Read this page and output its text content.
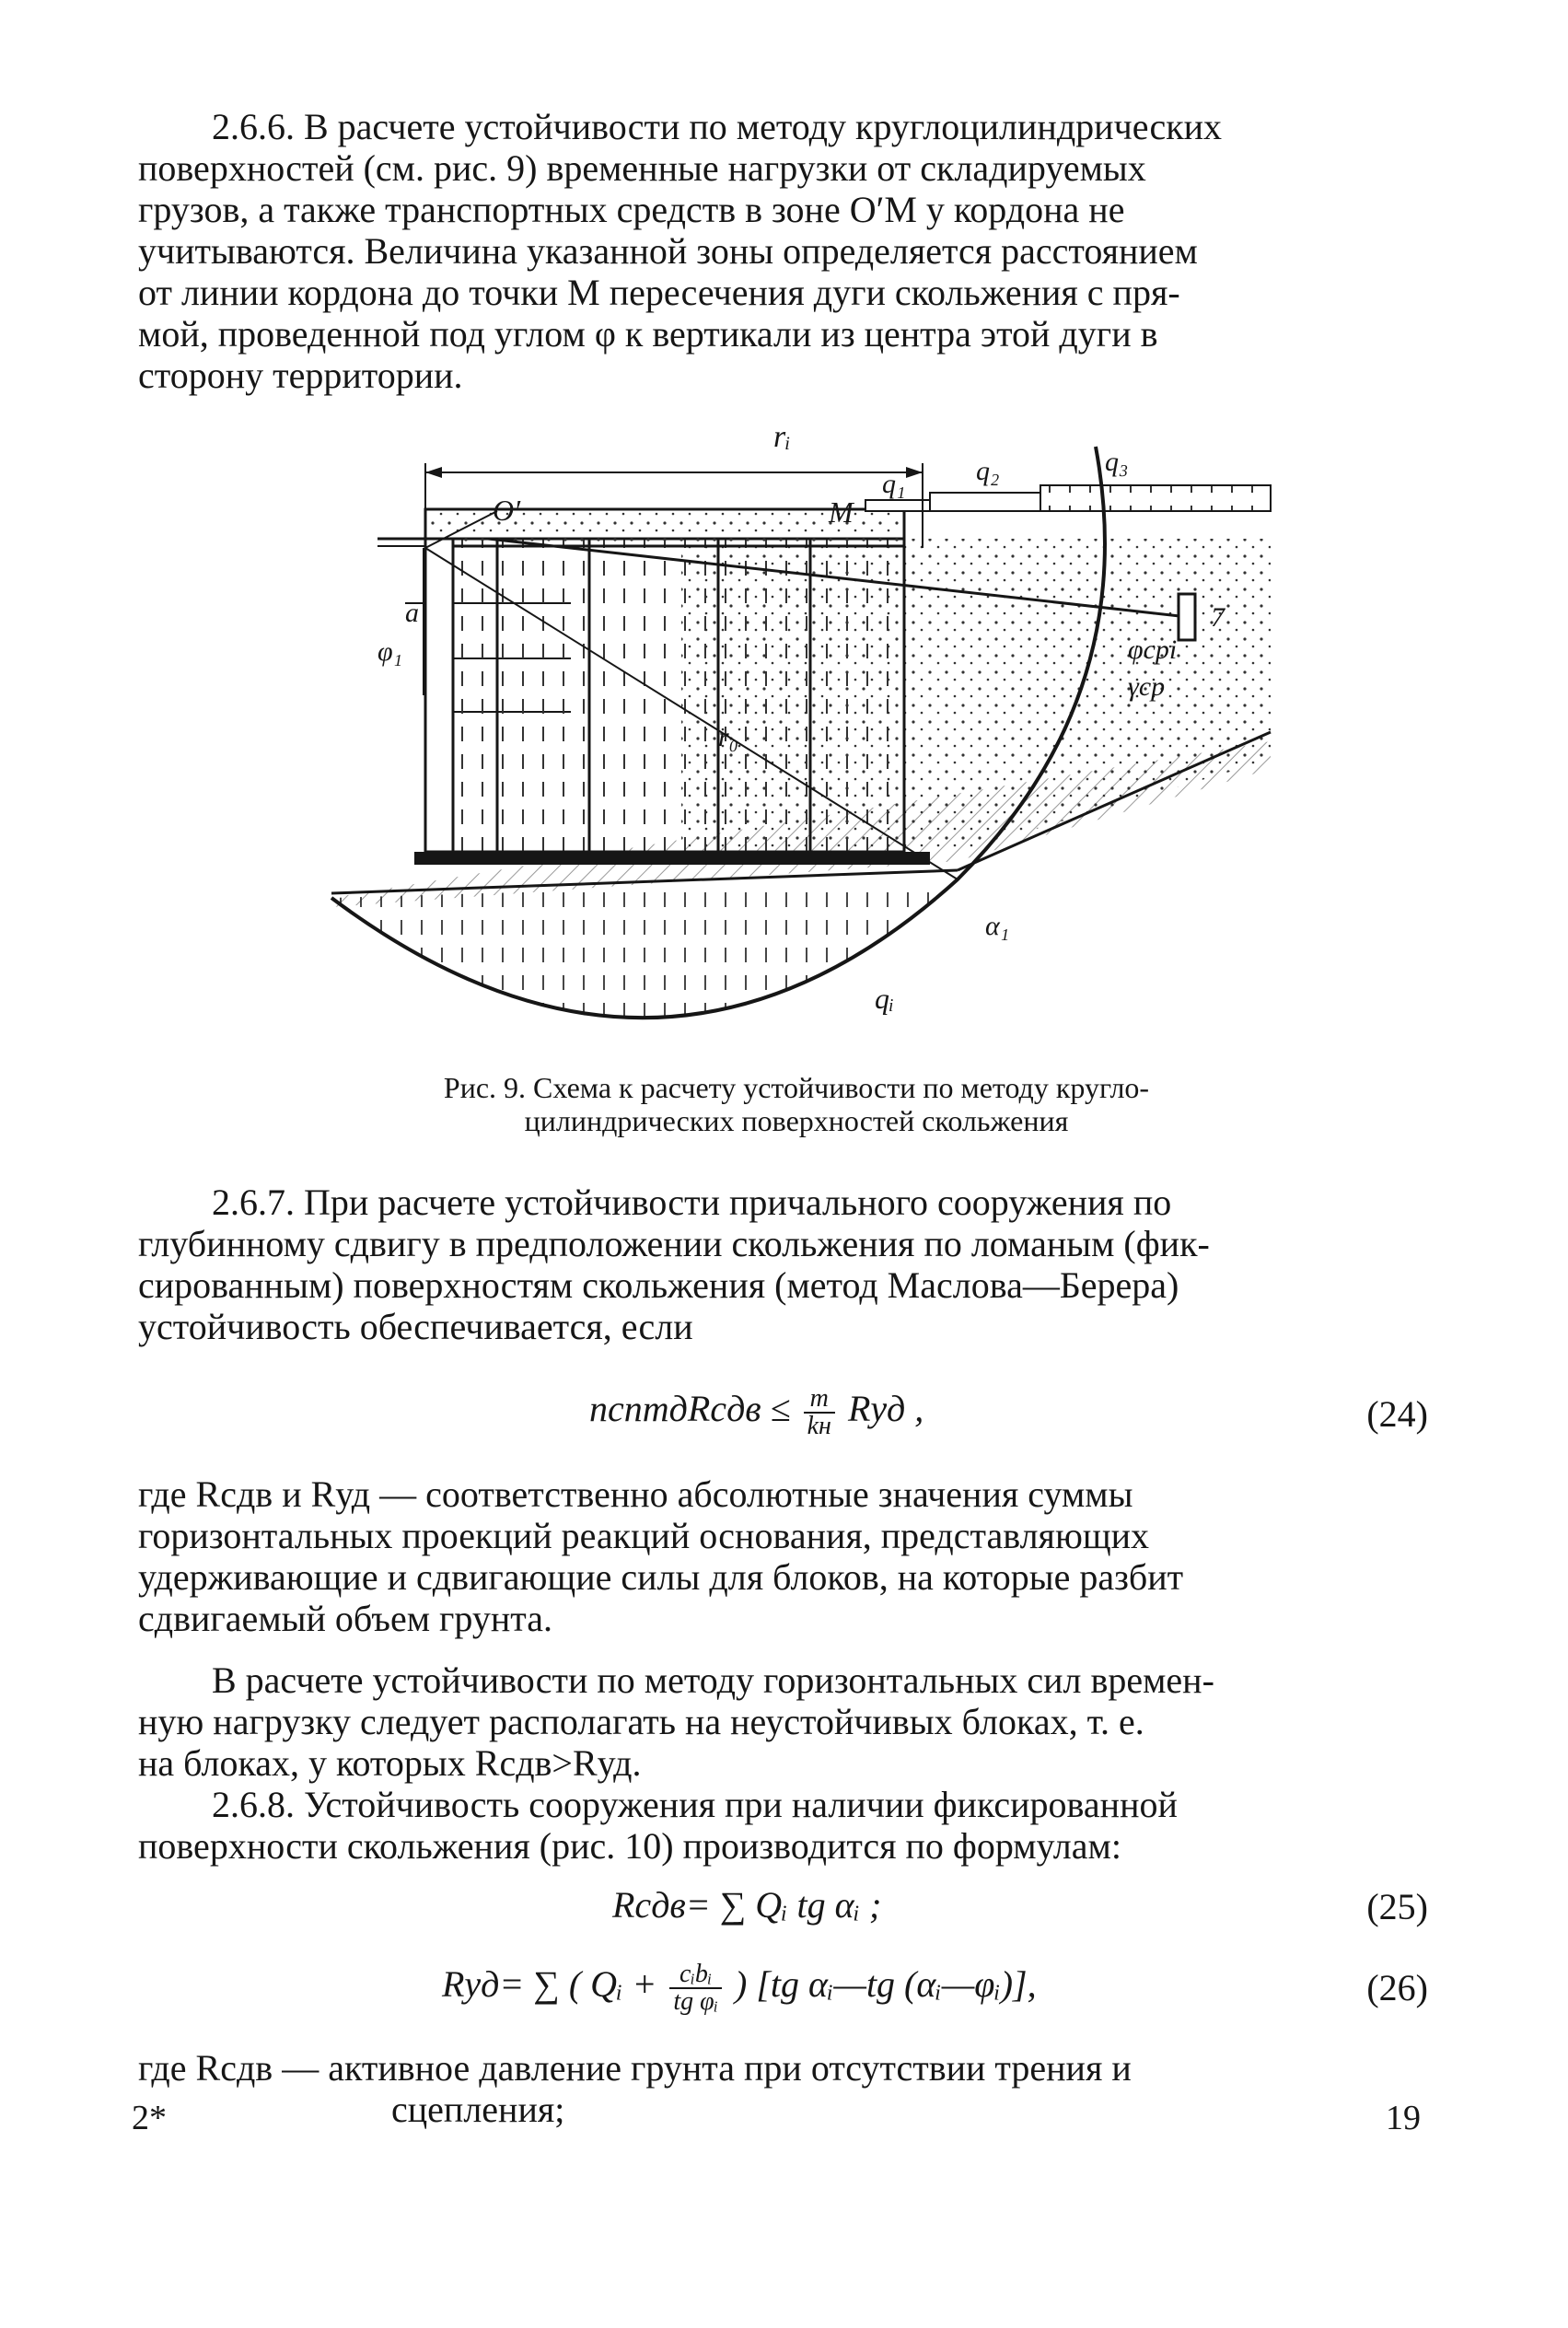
2.6.6. В расчете устойчивости по методу круглоцилиндрических
поверхностей (см. рис. 9) временные нагрузки от складируемых
грузов, а также транспортных средств в зоне O′M у кордона не
учитываются. Величина указанной зоны определяется расстоянием
от линии кордона до точки М пересечения дуги скольжения с пря-
мой, проведенной под углом φ к вертикали из центра этой дуги в
сторону территории.
rᵢ
O′	M
q₁	q₂	q₃
a
φ₁	φсрi
γср
r₀
α₁
qᵢ
7
Рис. 9. Схема к расчету устойчивости по методу кругло-
цилиндрических поверхностей скольжения
2.6.7. При расчете устойчивости причального сооружения по
глубинному сдвигу в предположении скольжения по ломаным (фик-
сированным) поверхностям скольжения (метод Маслова—Берера)
устойчивость обеспечивается, если
nсnmдRсдв ≤ $\frac{m}{kн}$ Rуд ,	(24)
где Rсдв и Rуд — соответственно абсолютные значения суммы
горизонтальных проекций реакций основания, представляющих
удерживающие и сдвигающие силы для блоков, на которые разбит
сдвигаемый объем грунта.
В расчете устойчивости по методу горизонтальных сил времен-
ную нагрузку следует располагать на неустойчивых блоках, т. е.
на блоках, у которых Rсдв>Rуд.
2.6.8. Устойчивость сооружения при наличии фиксированной
поверхности скольжения (рис. 10) производится по формулам:
Rсдв= ∑ Qᵢ tg αᵢ ;	(25)
Rуд= ∑ ( Qᵢ + $\frac{\text{cᵢbᵢ}}{\text{tg φᵢ}}$ ) [tg αᵢ—tg (αᵢ—φᵢ)],	(26)
где Rсдв — активное давление грунта при отсутствии трения и
сцепления;
2*	19
